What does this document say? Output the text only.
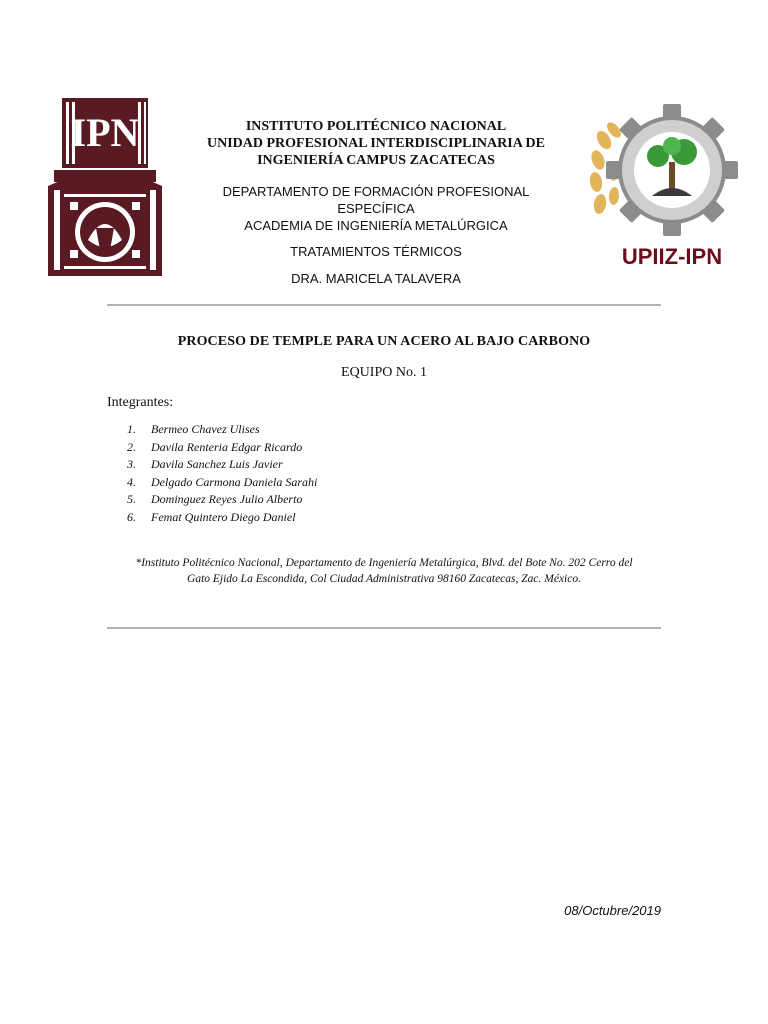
IPN
UPIIZ-IPN

INSTITUTO POLITÉCNICO NACIONAL

UNIDAD PROFESIONAL INTERDISCIPLINARIA DE

INGENIERÍA CAMPUS ZACATECAS

DEPARTAMENTO DE FORMACIÓN PROFESIONAL ESPECÍFICA

ACADEMIA DE INGENIERÍA METALÚRGICA

TRATAMIENTOS TÉRMICOS
DRA. MARICELA TALAVERA
PROCESO DE TEMPLE PARA UN ACERO AL BAJO CARBONO
EQUIPO No. 1
Integrantes:
1. Bermeo Chavez Ulises
2. Davila Renteria Edgar Ricardo
3. Davila Sanchez Luis Javier
4. Delgado Carmona Daniela Sarahi
5. Dominguez Reyes Julio Alberto
6. Femat Quintero Diego Daniel
*Instituto Politécnico Nacional, Departamento de Ingeniería Metalúrgica, Blvd. del Bote No. 202 Cerro del
Gato Ejido La Escondida, Col Ciudad Administrativa 98160 Zacatecas, Zac. México.
08/Octubre/2019
